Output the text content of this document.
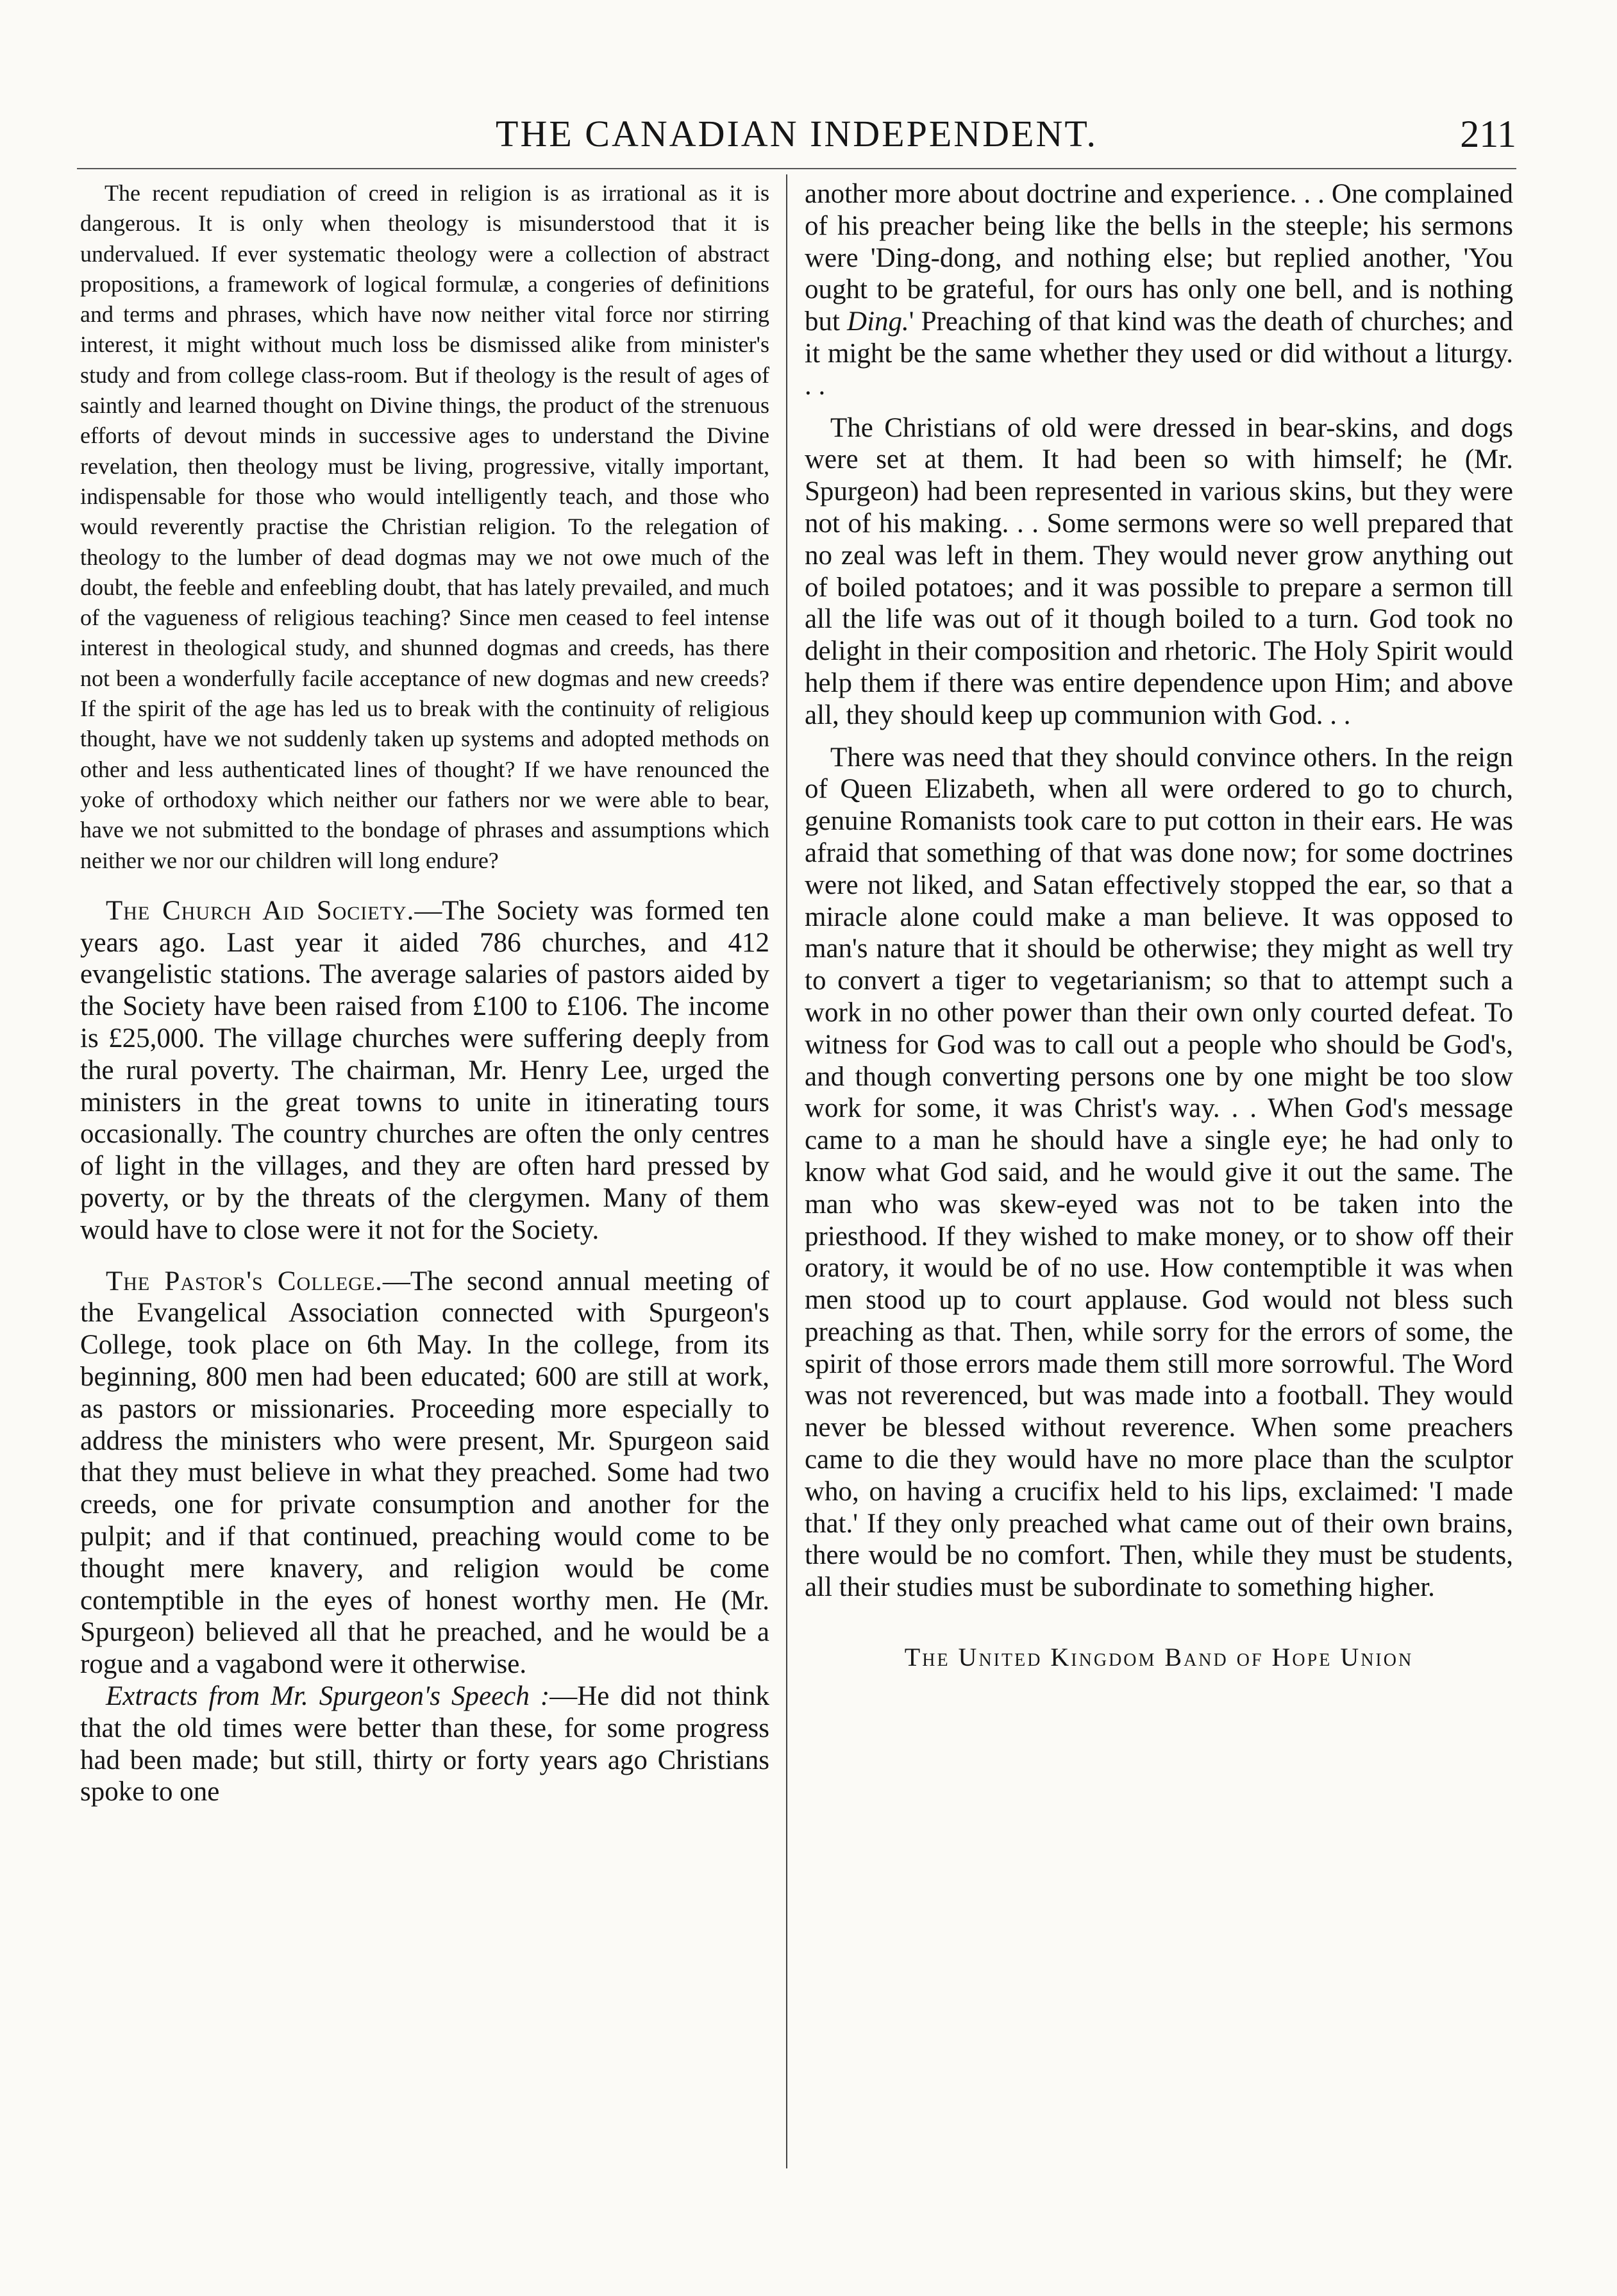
THE CANADIAN INDEPENDENT.	211

The recent repudiation of creed in religion is as irrational as it is dangerous. It is only when theology is misunderstood that it is undervalued. If ever systematic theology were a collection of abstract propositions, a framework of logical formulæ, a congeries of definitions and terms and phrases, which have now neither vital force nor stirring interest, it might without much loss be dismissed alike from minister's study and from college class-room. But if theology is the result of ages of saintly and learned thought on Divine things, the product of the strenuous efforts of devout minds in successive ages to understand the Divine revelation, then theology must be living, progressive, vitally important, indispensable for those who would intelligently teach, and those who would reverently practise the Christian religion. To the relegation of theology to the lumber of dead dogmas may we not owe much of the doubt, the feeble and enfeebling doubt, that has lately prevailed, and much of the vagueness of religious teaching? Since men ceased to feel intense interest in theological study, and shunned dogmas and creeds, has there not been a wonderfully facile acceptance of new dogmas and new creeds? If the spirit of the age has led us to break with the continuity of religious thought, have we not suddenly taken up systems and adopted methods on other and less authenticated lines of thought? If we have renounced the yoke of orthodoxy which neither our fathers nor we were able to bear, have we not submitted to the bondage of phrases and assumptions which neither we nor our children will long endure?

The Church Aid Society.—The Society was formed ten years ago. Last year it aided 786 churches, and 412 evangelistic stations. The average salaries of pastors aided by the Society have been raised from £100 to £106. The income is £25,000. The village churches were suffering deeply from the rural poverty. The chairman, Mr. Henry Lee, urged the ministers in the great towns to unite in itinerating tours occasionally. The country churches are often the only centres of light in the villages, and they are often hard pressed by poverty, or by the threats of the clergymen. Many of them would have to close were it not for the Society.

The Pastor's College.—The second annual meeting of the Evangelical Association connected with Spurgeon's College, took place on 6th May. In the college, from its beginning, 800 men had been educated; 600 are still at work, as pastors or missionaries. Proceeding more especially to address the ministers who were present, Mr. Spurgeon said that they must believe in what they preached. Some had two creeds, one for private consumption and another for the pulpit; and if that continued, preaching would come to be thought mere knavery, and religion would be come contemptible in the eyes of honest worthy men. He (Mr. Spurgeon) believed all that he preached, and he would be a rogue and a vagabond were it otherwise.

Extracts from Mr. Spurgeon's Speech :—He did not think that the old times were better than these, for some progress had been made; but still, thirty or forty years ago Christians spoke to one

another more about doctrine and experience. . . One complained of his preacher being like the bells in the steeple; his sermons were 'Ding-dong, and nothing else; but replied another, 'You ought to be grateful, for ours has only one bell, and is nothing but Ding.' Preaching of that kind was the death of churches; and it might be the same whether they used or did without a liturgy. . .

The Christians of old were dressed in bear-skins, and dogs were set at them. It had been so with himself; he (Mr. Spurgeon) had been represented in various skins, but they were not of his making. . . Some sermons were so well prepared that no zeal was left in them. They would never grow anything out of boiled potatoes; and it was possible to prepare a sermon till all the life was out of it though boiled to a turn. God took no delight in their composition and rhetoric. The Holy Spirit would help them if there was entire dependence upon Him; and above all, they should keep up communion with God. . .

There was need that they should convince others. In the reign of Queen Elizabeth, when all were ordered to go to church, genuine Romanists took care to put cotton in their ears. He was afraid that something of that was done now; for some doctrines were not liked, and Satan effectively stopped the ear, so that a miracle alone could make a man believe. It was opposed to man's nature that it should be otherwise; they might as well try to convert a tiger to vegetarianism; so that to attempt such a work in no other power than their own only courted defeat. To witness for God was to call out a people who should be God's, and though converting persons one by one might be too slow work for some, it was Christ's way. . . When God's message came to a man he should have a single eye; he had only to know what God said, and he would give it out the same. The man who was skew-eyed was not to be taken into the priesthood. If they wished to make money, or to show off their oratory, it would be of no use. How contemptible it was when men stood up to court applause. God would not bless such preaching as that. Then, while sorry for the errors of some, the spirit of those errors made them still more sorrowful. The Word was not reverenced, but was made into a football. They would never be blessed without reverence. When some preachers came to die they would have no more place than the sculptor who, on having a crucifix held to his lips, exclaimed: 'I made that.' If they only preached what came out of their own brains, there would be no comfort. Then, while they must be students, all their studies must be subordinate to something higher.

The United Kingdom Band of Hope Union
